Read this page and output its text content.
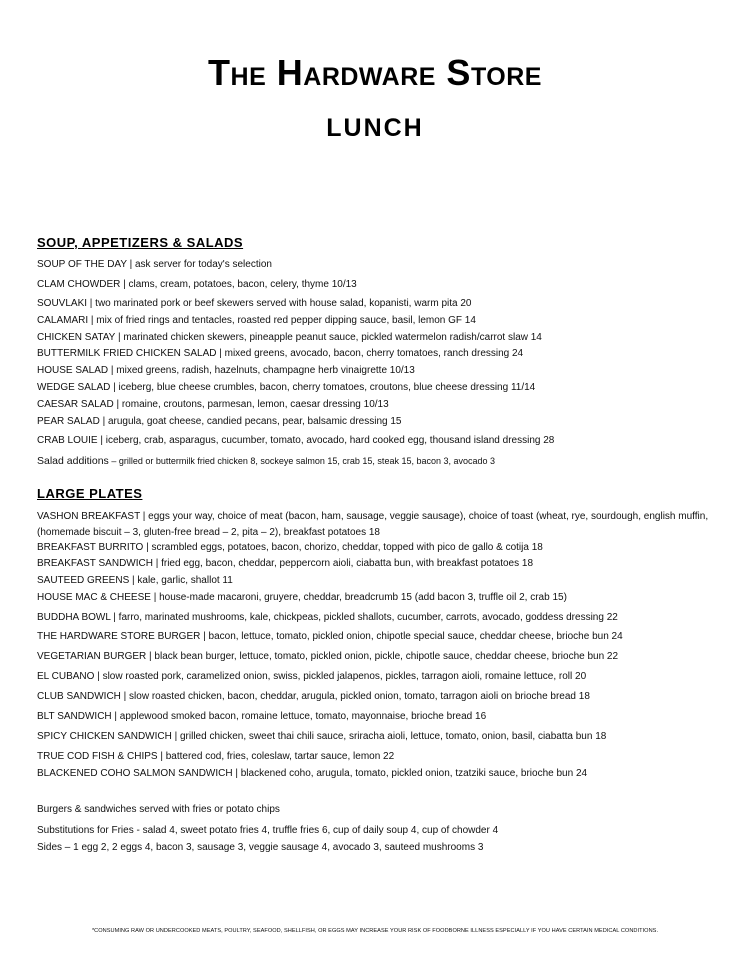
The Hardware Store
LUNCH
SOUP, APPETIZERS & SALADS
SOUP OF THE DAY | ask server for today's selection
CLAM CHOWDER | clams, cream, potatoes, bacon, celery, thyme 10/13
SOUVLAKI | two marinated pork or beef skewers served with house salad, kopanisti, warm pita 20
CALAMARI | mix of fried rings and tentacles, roasted red pepper dipping sauce, basil, lemon GF 14
CHICKEN SATAY | marinated chicken skewers, pineapple peanut sauce, pickled watermelon radish/carrot slaw 14
BUTTERMILK FRIED CHICKEN SALAD | mixed greens, avocado, bacon, cherry tomatoes, ranch dressing 24
HOUSE SALAD | mixed greens, radish, hazelnuts, champagne herb vinaigrette 10/13
WEDGE SALAD | iceberg, blue cheese crumbles, bacon, cherry tomatoes, croutons, blue cheese dressing 11/14
CAESAR SALAD | romaine, croutons, parmesan, lemon, caesar dressing 10/13
PEAR SALAD | arugula, goat cheese, candied pecans, pear, balsamic dressing 15
CRAB LOUIE | iceberg, crab, asparagus, cucumber, tomato, avocado, hard cooked egg, thousand island dressing 28
Salad additions – grilled or buttermilk fried chicken 8, sockeye salmon 15, crab 15, steak 15, bacon 3, avocado 3
LARGE PLATES
VASHON BREAKFAST | eggs your way, choice of meat (bacon, ham, sausage, veggie sausage), choice of toast (wheat, rye, sourdough, english muffin, (homemade biscuit – 3, gluten-free bread – 2, pita – 2), breakfast potatoes 18
BREAKFAST BURRITO | scrambled eggs, potatoes, bacon, chorizo, cheddar, topped with pico de gallo & cotija 18
BREAKFAST SANDWICH | fried egg, bacon, cheddar, peppercorn aioli, ciabatta bun, with breakfast potatoes 18
SAUTEED GREENS | kale, garlic, shallot 11
HOUSE MAC & CHEESE | house-made macaroni, gruyere, cheddar, breadcrumb 15 (add bacon 3, truffle oil 2, crab 15)
BUDDHA BOWL | farro, marinated mushrooms, kale, chickpeas, pickled shallots, cucumber, carrots, avocado, goddess dressing 22
THE HARDWARE STORE BURGER | bacon, lettuce, tomato, pickled onion, chipotle special sauce, cheddar cheese, brioche bun 24
VEGETARIAN BURGER | black bean burger, lettuce, tomato, pickled onion, pickle, chipotle sauce, cheddar cheese, brioche bun 22
EL CUBANO | slow roasted pork, caramelized onion, swiss, pickled jalapenos, pickles, tarragon aioli, romaine lettuce, roll 20
CLUB SANDWICH | slow roasted chicken, bacon, cheddar, arugula, pickled onion, tomato, tarragon aioli on brioche bread 18
BLT SANDWICH | applewood smoked bacon, romaine lettuce, tomato, mayonnaise, brioche bread 16
SPICY CHICKEN SANDWICH | grilled chicken, sweet thai chili sauce, sriracha aioli, lettuce, tomato, onion, basil, ciabatta bun 18
TRUE COD FISH & CHIPS | battered cod, fries, coleslaw, tartar sauce, lemon 22
BLACKENED COHO SALMON SANDWICH | blackened coho, arugula, tomato, pickled onion, tzatziki sauce, brioche bun 24
Burgers & sandwiches served with fries or potato chips
Substitutions for Fries - salad 4, sweet potato fries 4, truffle fries 6, cup of daily soup 4, cup of chowder 4
Sides – 1 egg 2, 2 eggs 4, bacon 3, sausage 3, veggie sausage 4, avocado 3, sauteed mushrooms 3
*CONSUMING RAW OR UNDERCOOKED MEATS, POULTRY, SEAFOOD, SHELLFISH, OR EGGS MAY INCREASE YOUR RISK OF FOODBORNE ILLNESS ESPECIALLY IF YOU HAVE CERTAIN MEDICAL CONDITIONS.
